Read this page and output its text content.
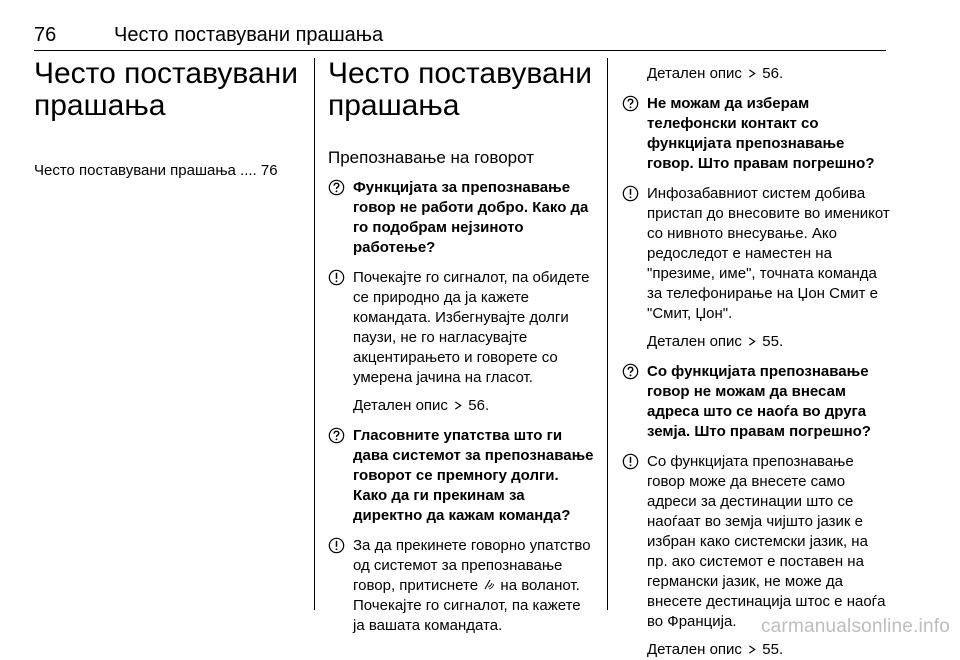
76	Често поставувани прашања
Често поставувани прашања
Често поставувани прашања .... 76
Често поставувани прашања
Препознавање на говорот
Функцијата за препознавање говор не работи добро. Како да го подобрам нејзиното работење?
Почекајте го сигналот, па обидете се природно да ја кажете командата. Избегнувајте долги паузи, не го нагласувајте акцентирањето и говорете со умерена јачина на гласот.
Детален опис 56.
Гласовните упатства што ги дава системот за препознавање говорот се премногу долги. Како да ги прекинам за директно да кажам команда?
За да прекинете говорно упатство од системот за препознавање говор, притиснете на воланот. Почекајте го сигналот, па кажете ја вашата командата.
Детален опис 56.
Не можам да изберам телефонски контакт со функцијата препознавање говор. Што правам погрешно?
Инфозабавниот систем добива пристап до внесовите во именикот со нивното внесување. Ако редоследот е наместен на "презиме, име", точната команда за телефонирање на Џон Смит е "Смит, Џон".
Детален опис 55.
Со функцијата препознавање говор не можам да внесам адреса што се наоѓа во друга земја. Што правам погрешно?
Со функцијата препознавање говор може да внесете само адреси за дестинации што се наоѓаат во земја чијшто јазик е избран како системски јазик, на пр. ако системот е поставен на германски јазик, не може да внесете дестинација штос е наоѓа во Франција.
Детален опис 55.
carmanualsonline.info
